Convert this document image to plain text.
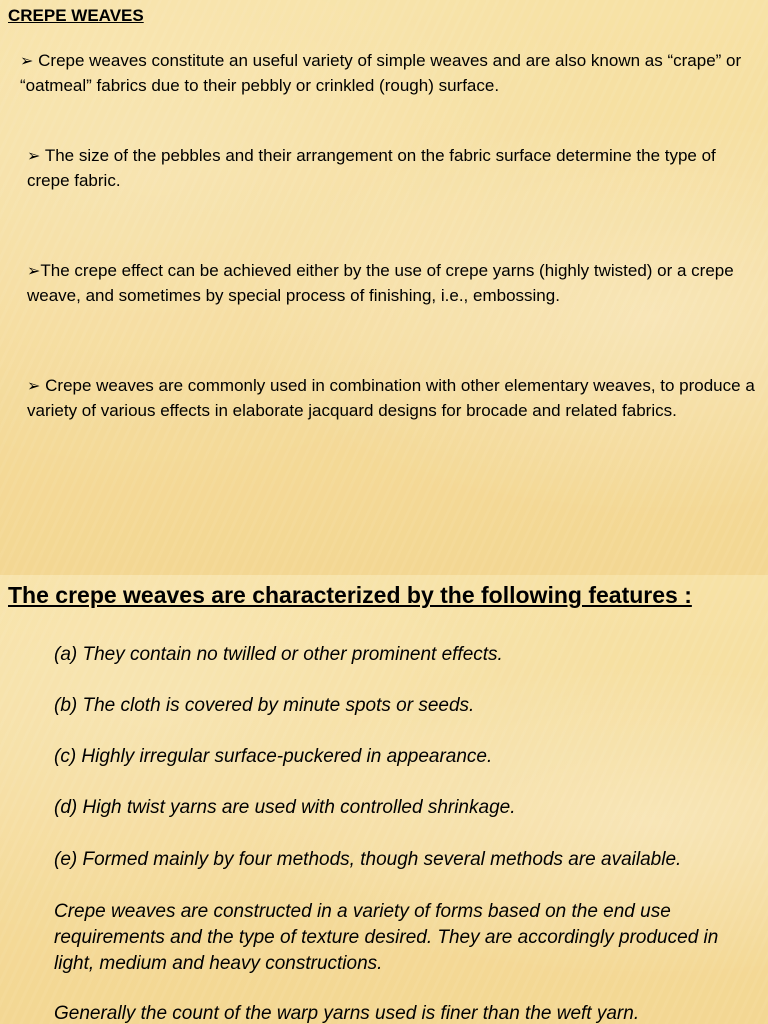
CREPE WEAVES

➢ Crepe weaves constitute an useful variety of simple weaves and are also known as “crape” or “oatmeal” fabrics due to their pebbly or crinkled (rough) surface.

➢ The size of the pebbles and their arrangement on the fabric surface determine the type of crepe fabric.

➢The crepe effect can be achieved either by the use of crepe yarns (highly twisted) or a crepe weave, and sometimes by special process of finishing, i.e., embossing.

➢ Crepe weaves are commonly used in combination with other elementary weaves, to produce a variety of various effects in elaborate jacquard designs for brocade and related fabrics.

The crepe weaves are characterized by the following features :

(a) They contain no twilled or other prominent effects.

(b) The cloth is covered by minute spots or seeds.

(c) Highly irregular surface-puckered in appearance.

(d) High twist yarns are used with controlled shrinkage.

(e) Formed mainly by four methods, though several methods are available.

Crepe weaves are constructed in a variety of forms based on the end use requirements and the type of texture desired. They are accordingly produced in light, medium and heavy constructions.

Generally the count of the warp yarns used is finer than the weft yarn.
